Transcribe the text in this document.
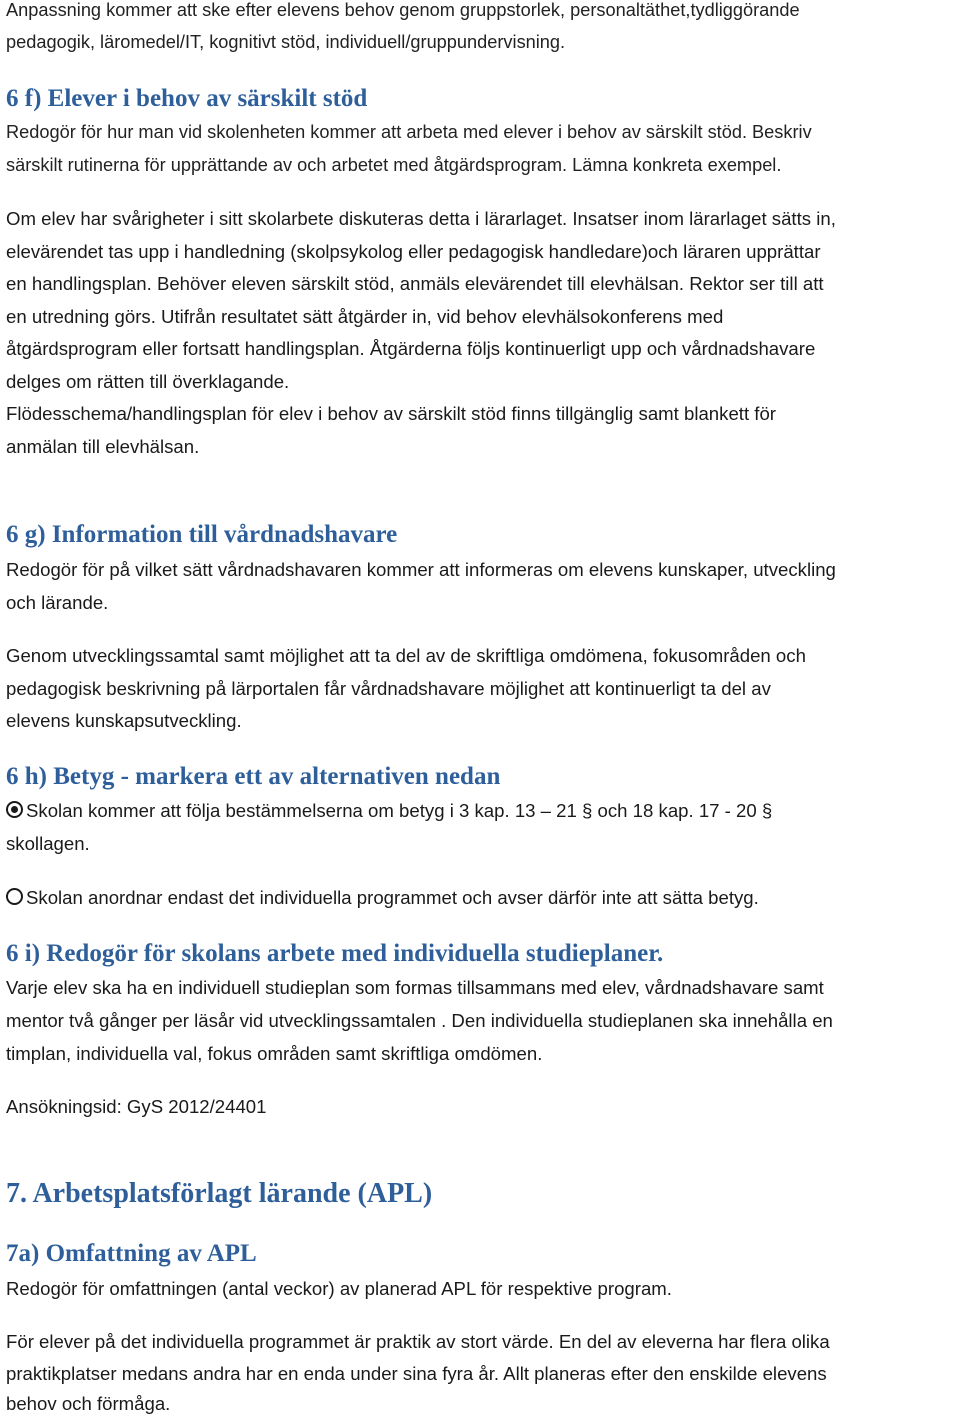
Anpassning kommer att ske efter elevens behov genom gruppstorlek, personaltäthet,tydliggörande

pedagogik, läromedel/IT, kognitivt stöd, individuell/gruppundervisning.

6 f) Elever i behov av särskilt stöd

Redogör för hur man vid skolenheten kommer att arbeta med elever i behov av särskilt stöd. Beskriv

särskilt rutinerna för upprättande av och arbetet med åtgärdsprogram. Lämna konkreta exempel.

Om elev har svårigheter i sitt skolarbete diskuteras detta i lärarlaget. Insatser inom lärarlaget sätts in,

elevärendet tas upp i handledning (skolpsykolog eller pedagogisk handledare)och läraren upprättar

en handlingsplan. Behöver eleven särskilt stöd, anmäls elevärendet till elevhälsan. Rektor ser till att

en utredning görs. Utifrån resultatet sätt åtgärder in, vid behov elevhälsokonferens med

åtgärdsprogram eller fortsatt handlingsplan. Åtgärderna följs kontinuerligt upp och vårdnadshavare

delges om rätten till överklagande.

Flödesschema/handlingsplan för elev i behov av särskilt stöd finns tillgänglig samt blankett för

anmälan till elevhälsan.

6 g) Information till vårdnadshavare

Redogör för på vilket sätt vårdnadshavaren kommer att informeras om elevens kunskaper, utveckling

och lärande.

Genom utvecklingssamtal samt möjlighet att ta del av de skriftliga omdömena, fokusområden och

pedagogisk beskrivning på lärportalen får vårdnadshavare möjlighet att kontinuerligt ta del av

elevens kunskapsutveckling.

6 h) Betyg - markera ett av alternativen nedan
Skolan kommer att följa bestämmelserna om betyg i 3 kap. 13 – 21 § och 18 kap. 17 - 20 §

skollagen.

Skolan anordnar endast det individuella programmet och avser därför inte att sätta betyg.
6 i) Redogör för skolans arbete med individuella studieplaner.

Varje elev ska ha en individuell studieplan som formas tillsammans med elev, vårdnadshavare samt

mentor två gånger per läsår vid utvecklingssamtalen . Den individuella studieplanen ska innehålla en

timplan, individuella val, fokus områden samt skriftliga omdömen.

Ansökningsid: GyS 2012/24401

7. Arbetsplatsförlagt lärande (APL)
7a) Omfattning av APL

Redogör för omfattningen (antal veckor) av planerad APL för respektive program.

För elever på det individuella programmet är praktik av stort värde. En del av eleverna har flera olika

praktikplatser medans andra har en enda under sina fyra år. Allt planeras efter den enskilde elevens

behov och förmåga.
